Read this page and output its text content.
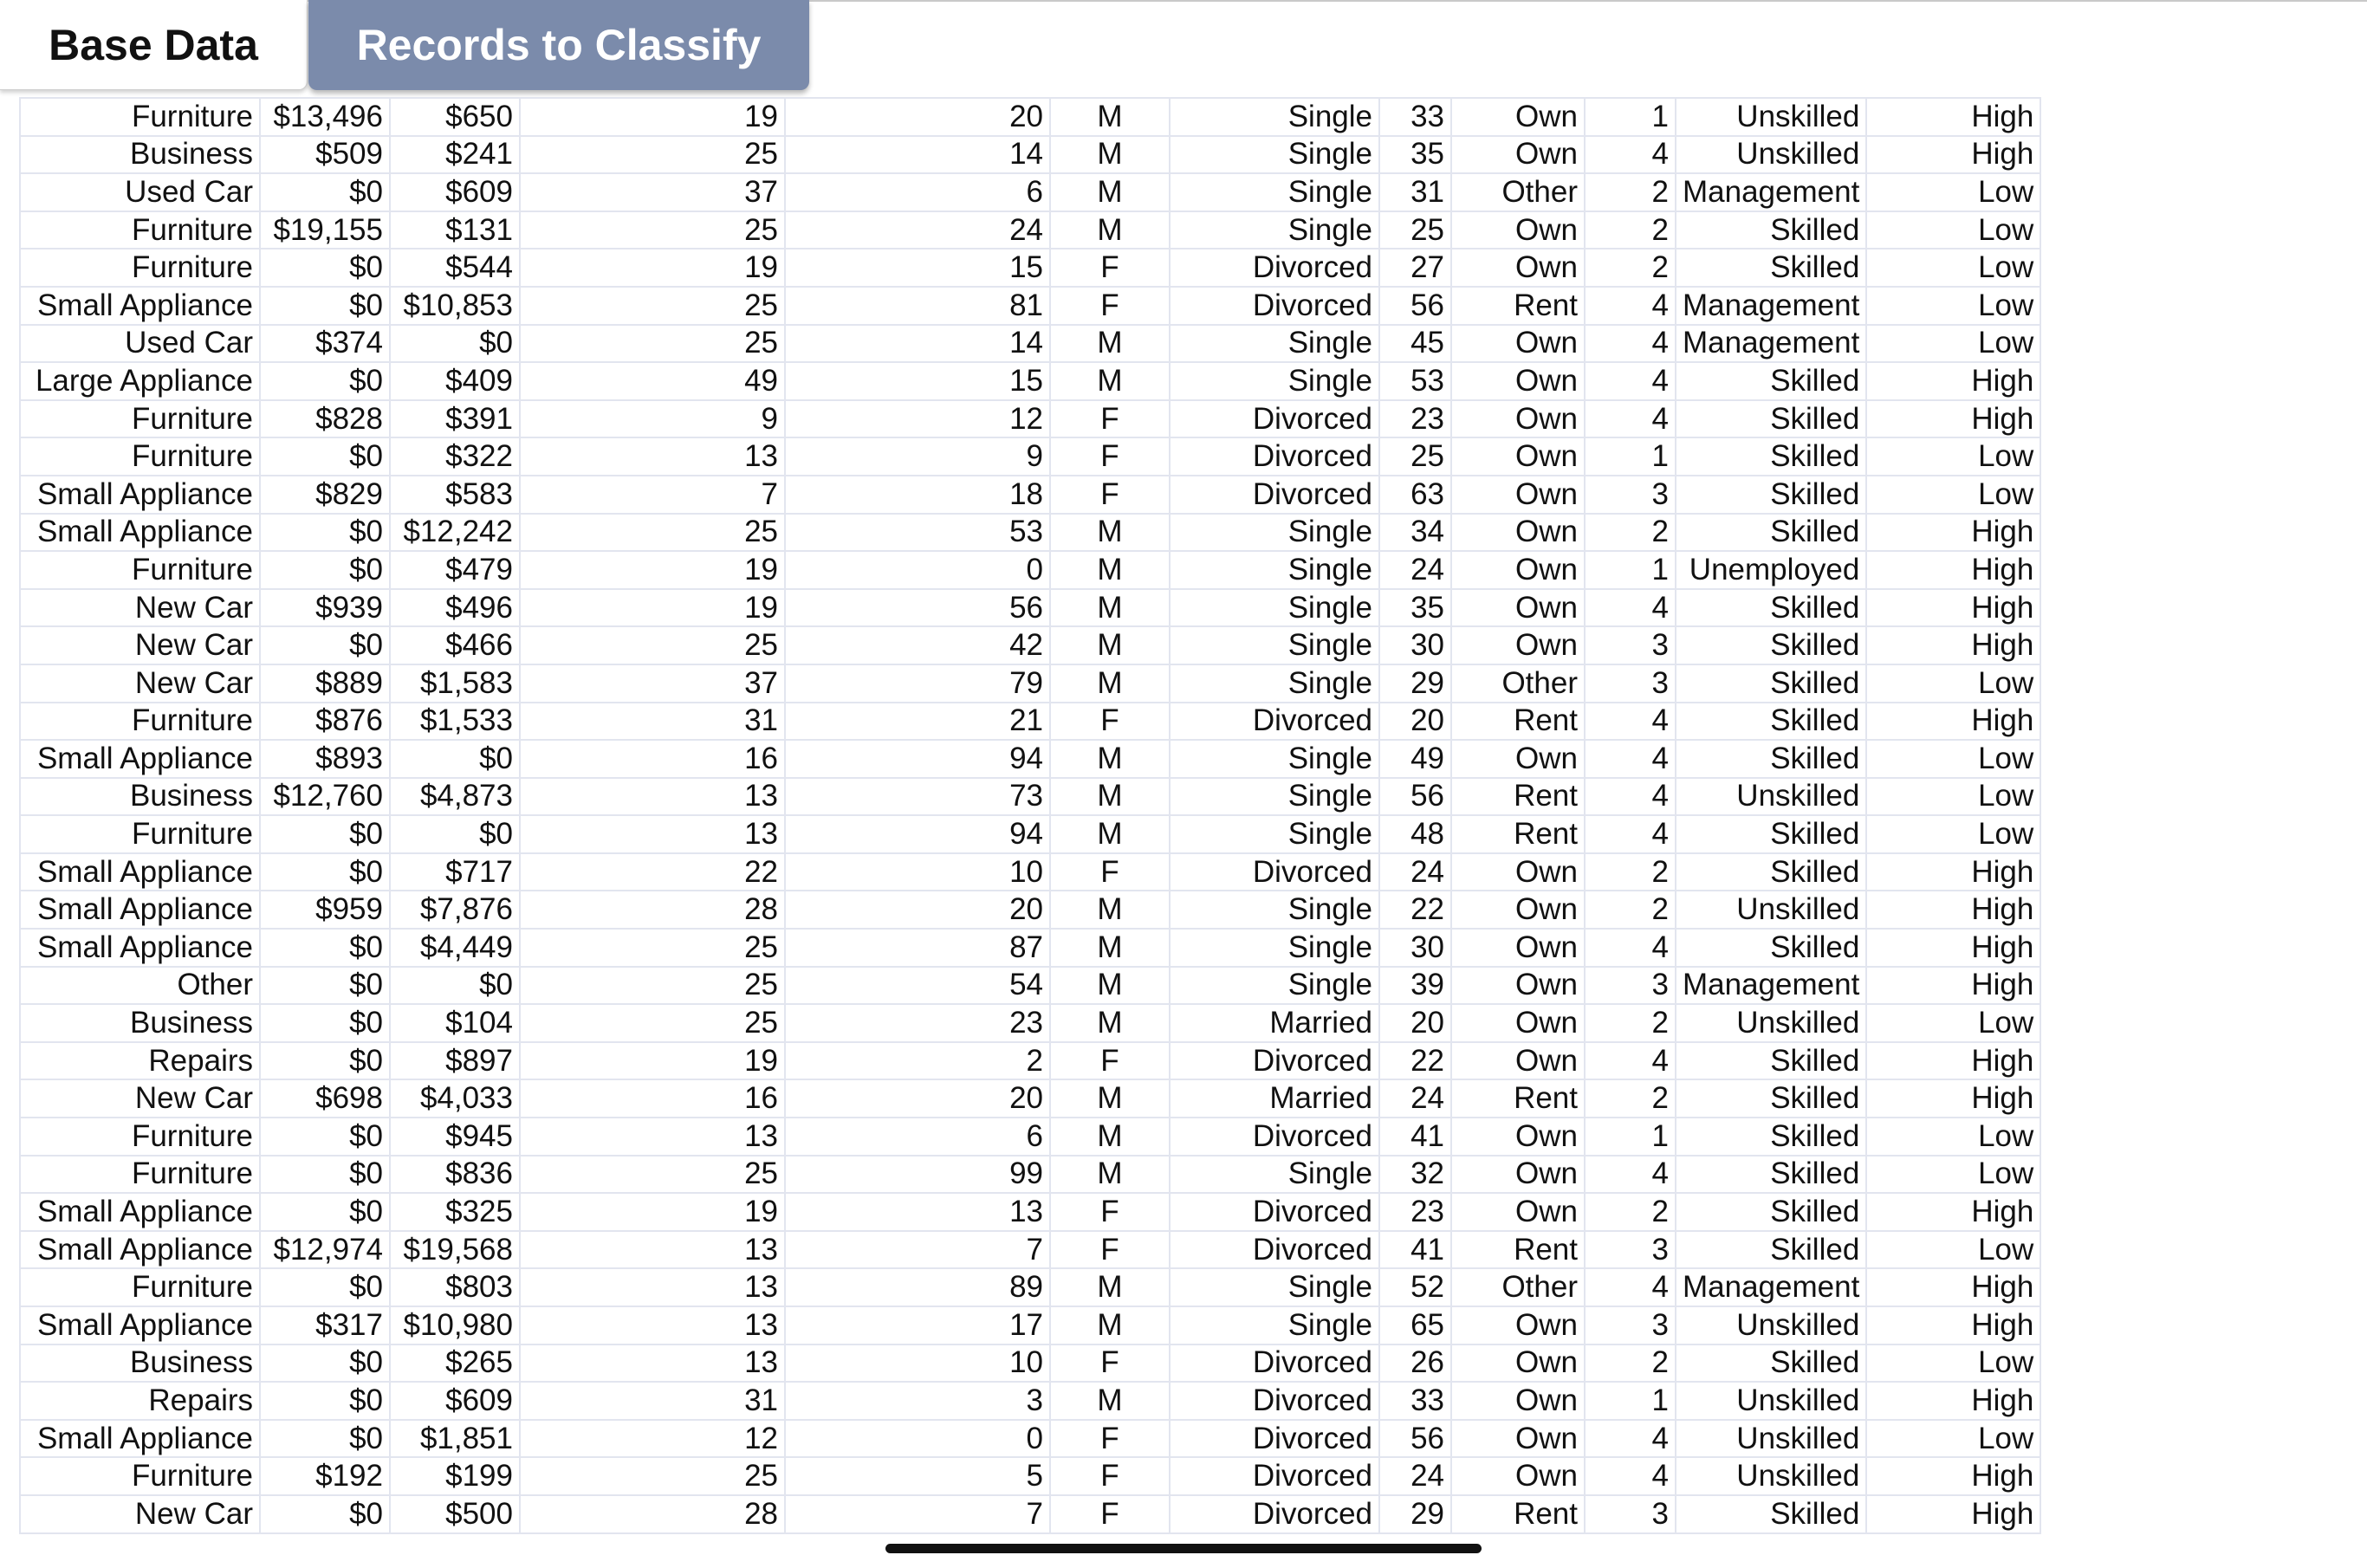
Base Data	Records to Classify
Furniture	$13,496	$650	19	20	M	Single	33	Own	1	Unskilled	High
Business	$509	$241	25	14	M	Single	35	Own	4	Unskilled	High
Used Car	$0	$609	37	6	M	Single	31	Other	2	Management	Low
Furniture	$19,155	$131	25	24	M	Single	25	Own	2	Skilled	Low
Furniture	$0	$544	19	15	F	Divorced	27	Own	2	Skilled	Low
Small Appliance	$0	$10,853	25	81	F	Divorced	56	Rent	4	Management	Low
Used Car	$374	$0	25	14	M	Single	45	Own	4	Management	Low
Large Appliance	$0	$409	49	15	M	Single	53	Own	4	Skilled	High
Furniture	$828	$391	9	12	F	Divorced	23	Own	4	Skilled	High
Furniture	$0	$322	13	9	F	Divorced	25	Own	1	Skilled	Low
Small Appliance	$829	$583	7	18	F	Divorced	63	Own	3	Skilled	Low
Small Appliance	$0	$12,242	25	53	M	Single	34	Own	2	Skilled	High
Furniture	$0	$479	19	0	M	Single	24	Own	1	Unemployed	High
New Car	$939	$496	19	56	M	Single	35	Own	4	Skilled	High
New Car	$0	$466	25	42	M	Single	30	Own	3	Skilled	High
New Car	$889	$1,583	37	79	M	Single	29	Other	3	Skilled	Low
Furniture	$876	$1,533	31	21	F	Divorced	20	Rent	4	Skilled	High
Small Appliance	$893	$0	16	94	M	Single	49	Own	4	Skilled	Low
Business	$12,760	$4,873	13	73	M	Single	56	Rent	4	Unskilled	Low
Furniture	$0	$0	13	94	M	Single	48	Rent	4	Skilled	Low
Small Appliance	$0	$717	22	10	F	Divorced	24	Own	2	Skilled	High
Small Appliance	$959	$7,876	28	20	M	Single	22	Own	2	Unskilled	High
Small Appliance	$0	$4,449	25	87	M	Single	30	Own	4	Skilled	High
Other	$0	$0	25	54	M	Single	39	Own	3	Management	High
Business	$0	$104	25	23	M	Married	20	Own	2	Unskilled	Low
Repairs	$0	$897	19	2	F	Divorced	22	Own	4	Skilled	High
New Car	$698	$4,033	16	20	M	Married	24	Rent	2	Skilled	High
Furniture	$0	$945	13	6	M	Divorced	41	Own	1	Skilled	Low
Furniture	$0	$836	25	99	M	Single	32	Own	4	Skilled	Low
Small Appliance	$0	$325	19	13	F	Divorced	23	Own	2	Skilled	High
Small Appliance	$12,974	$19,568	13	7	F	Divorced	41	Rent	3	Skilled	Low
Furniture	$0	$803	13	89	M	Single	52	Other	4	Management	High
Small Appliance	$317	$10,980	13	17	M	Single	65	Own	3	Unskilled	High
Business	$0	$265	13	10	F	Divorced	26	Own	2	Skilled	Low
Repairs	$0	$609	31	3	M	Divorced	33	Own	1	Unskilled	High
Small Appliance	$0	$1,851	12	0	F	Divorced	56	Own	4	Unskilled	Low
Furniture	$192	$199	25	5	F	Divorced	24	Own	4	Unskilled	High
New Car	$0	$500	28	7	F	Divorced	29	Rent	3	Skilled	High
